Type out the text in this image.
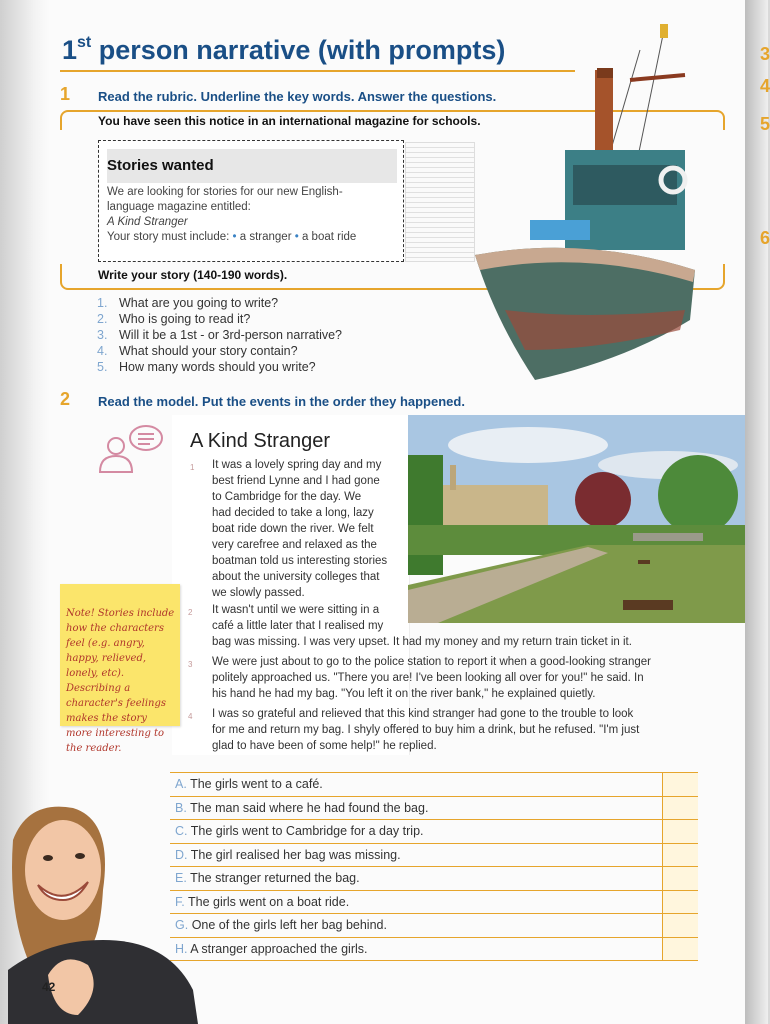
1st person narrative (with prompts)
1 Read the rubric. Underline the key words. Answer the questions.
You have seen this notice in an international magazine for schools.
Stories wanted
We are looking for stories for our new English-
language magazine entitled:
A Kind Stranger
Your story must include: • a stranger • a boat ride
Write your story (140-190 words).
1. What are you going to write?
2. Who is going to read it?
3. Will it be a 1st - or 3rd-person narrative?
4. What should your story contain?
5. How many words should you write?
2 Read the model. Put the events in the order they happened.
A Kind Stranger
1 It was a lovely spring day and my
best friend Lynne and I had gone
to Cambridge for the day. We
had decided to take a long, lazy
boat ride down the river. We felt
very carefree and relaxed as the
boatman told us interesting stories
about the university colleges that
we slowly passed.
2 It wasn't until we were sitting in a
café a little later that I realised my
bag was missing. I was very upset. It had my money and my return train ticket in it.
3 We were just about to go to the police station to report it when a good-looking stranger
politely approached us. "There you are! I've been looking all over for you!" he said. In
his hand he had my bag. "You left it on the river bank," he explained quietly.
4 I was so grateful and relieved that this kind stranger had gone to the trouble to look
for me and return my bag. I shyly offered to buy him a drink, but he refused. "I'm just
glad to have been of some help!" he replied.

Note! Stories include how the characters feel (e.g. angry, happy, relieved, lonely, etc). Describing a character's feelings makes the story more interesting to the reader.

A. The girls went to a café.
B. The man said where he had found the bag.
C. The girls went to Cambridge for a day trip.
D. The girl realised her bag was missing.
E. The stranger returned the bag.
F. The girls went on a boat ride.
G. One of the girls left her bag behind.
H. A stranger approached the girls.
42
3
4
5
6
